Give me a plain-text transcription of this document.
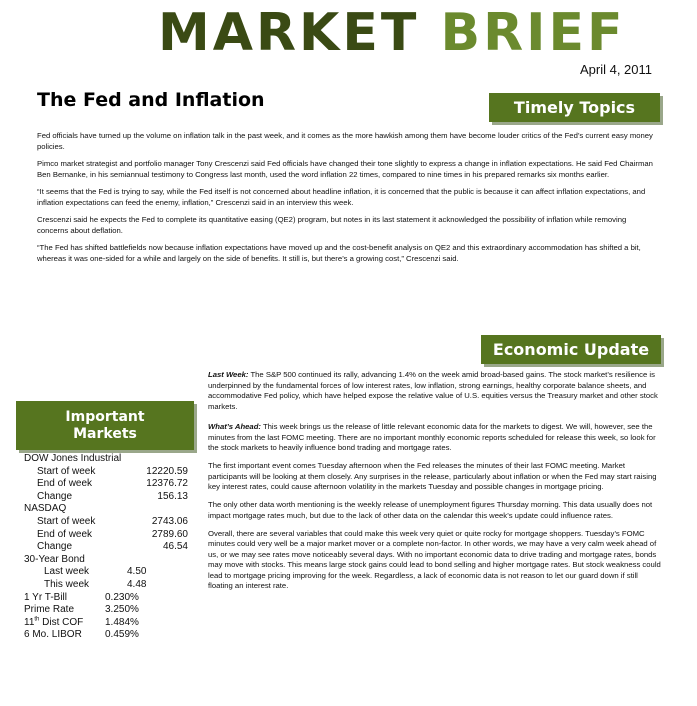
MARKET BRIEF
April 4, 2011
The Fed and Inflation	Timely Topics

Fed officials have turned up the volume on inflation talk in the past week, and it comes as the more hawkish among them have become louder critics of the Fed’s current easy money policies.

Pimco market strategist and portfolio manager Tony Crescenzi said Fed officials have changed their tone slightly to express a change in inflation expectations. He said Fed Chairman Ben Bernanke, in his semiannual testimony to Congress last month, used the word inflation 22 times, compared to nine times in his prepared remarks six months earlier.

“It seems that the Fed is trying to say, while the Fed itself is not concerned about headline inflation, it is concerned that the public is because it can affect inflation expectations, and inflation expectations can feed the enemy, inflation,” Crescenzi said in an interview this week.

Crescenzi said he expects the Fed to complete its quantitative easing (QE2) program, but notes in its last statement it acknowledged the possibility of inflation while removing concerns about deflation.

“The Fed has shifted battlefields now because inflation expectations have moved up and the cost-benefit analysis on QE2 and this extraordinary accommodation has shifted a bit, whereas it was one-sided for a while and largely on the side of benefits. It still is, but there’s a growing cost,” Crescenzi said.

Economic Update

Last Week: The S&P 500 continued its rally, advancing 1.4% on the week amid broad-based gains. The stock market’s resilience is underpinned by the fundamental forces of low interest rates, low inflation, strong earnings, healthy corporate balance sheets, and accommodative Fed policy, which have helped expose the relative value of U.S. equities versus the Treasury market and other stock markets.

What’s Ahead: This week brings us the release of little relevant economic data for the markets to digest. We will, however, see the minutes from the last FOMC meeting. There are no important monthly economic reports scheduled for release this week, so look for the stock markets to heavily influence bond trading and mortgage rates.

The first important event comes Tuesday afternoon when the Fed releases the minutes of their last FOMC meeting. Market participants will be looking at them closely. Any surprises in the release, particularly about inflation or when the Fed may start raising key interest rates, could cause afternoon volatility in the markets Tuesday and possible changes in mortgage pricing.

The only other data worth mentioning is the weekly release of unemployment figures Thursday morning. This data usually does not impact mortgage rates much, but due to the lack of other data on the calendar this week’s update could influence rates.

Overall, there are several variables that could make this week very quiet or quite rocky for mortgage shoppers. Tuesday’s FOMC minutes could very well be a major market mover or a complete non-factor. In other words, we may have a very calm week ahead of us, or we may see rates move noticeably several days. With no important economic data to drive trading and mortgage rates, bonds may move with stocks. This means large stock gains could lead to bond selling and higher mortgage rates. But stock weakness could lead to mortgage pricing improving for the week. Regardless, a lack of economic data is not reason to let our guard down if still floating an interest rate.

Important
Markets
DOW Jones Industrial
Start of week	12220.59
End of week	12376.72
Change	156.13
NASDAQ
Start of week	2743.06
End of week	2789.60
Change	46.54
30-Year Bond
Last week	4.50
This week	4.48
1 Yr T-Bill	0.230%
Prime Rate	3.250%
11th Dist COF	1.484%
6 Mo. LIBOR	0.459%
